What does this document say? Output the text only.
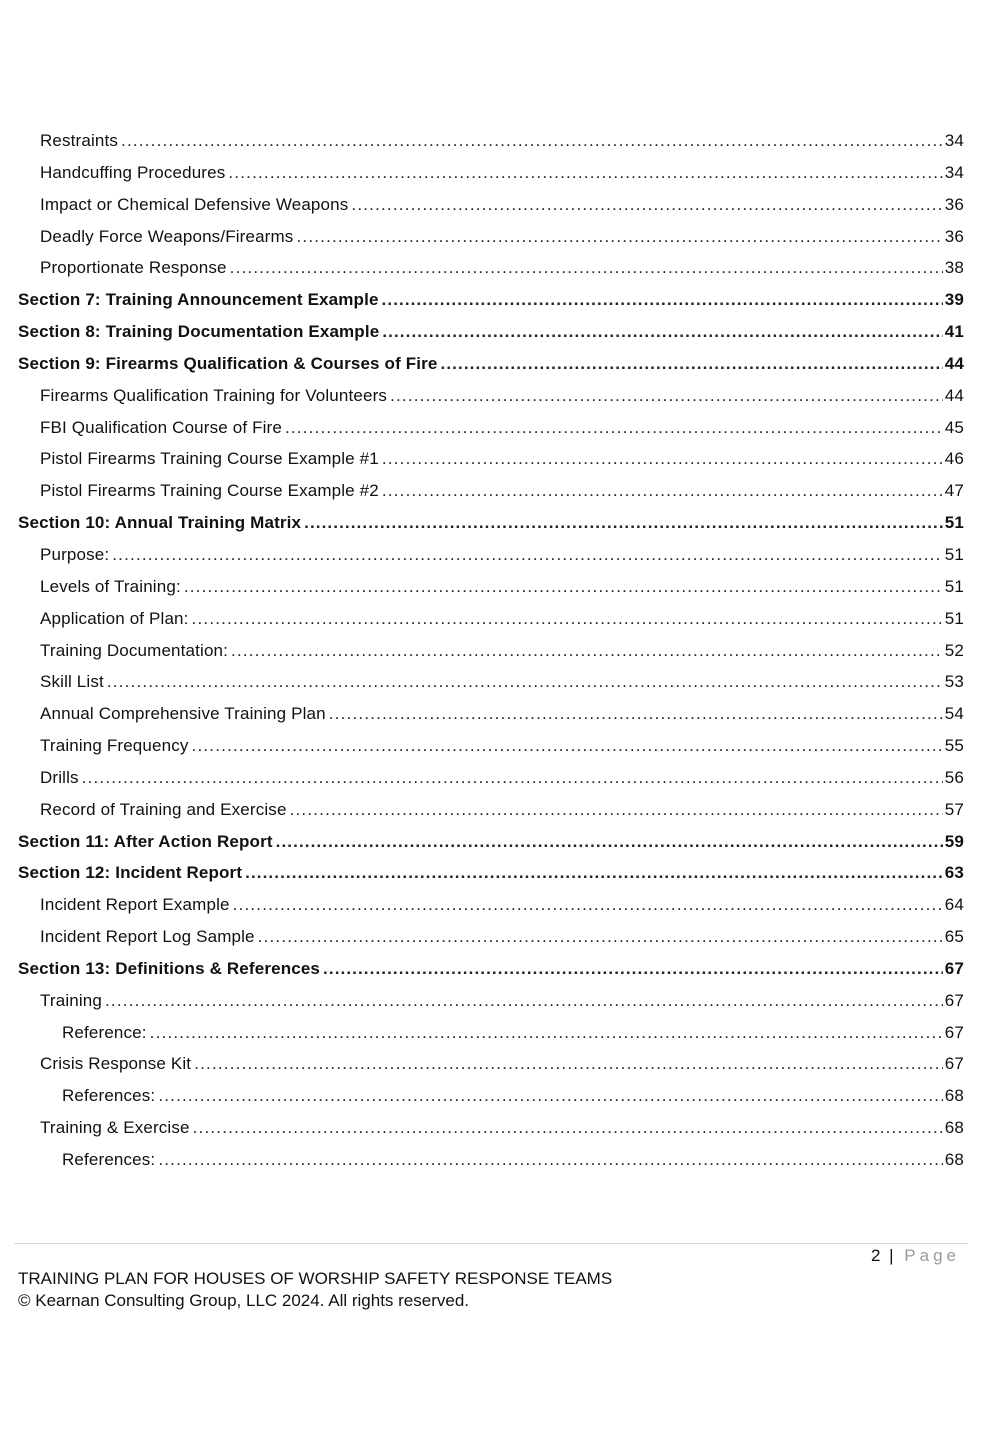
Restraints .....	34
Handcuffing Procedures .....	34
Impact or Chemical Defensive Weapons .....	36
Deadly Force Weapons/Firearms .....	36
Proportionate Response .....	38
Section 7: Training Announcement Example .....	39
Section 8: Training Documentation Example .....	41
Section 9: Firearms Qualification & Courses of Fire .....	44
Firearms Qualification Training for Volunteers .....	44
FBI Qualification Course of Fire .....	45
Pistol Firearms Training Course Example #1 .....	46
Pistol Firearms Training Course Example #2 .....	47
Section 10: Annual Training Matrix .....	51
Purpose: .....	51
Levels of Training: .....	51
Application of Plan: .....	51
Training Documentation: .....	52
Skill List .....	53
Annual Comprehensive Training Plan .....	54
Training Frequency .....	55
Drills .....	56
Record of Training and Exercise .....	57
Section 11: After Action Report .....	59
Section 12: Incident Report .....	63
Incident Report Example .....	64
Incident Report Log Sample .....	65
Section 13: Definitions & References .....	67
Training .....	67
Reference: .....	67
Crisis Response Kit .....	67
References: .....	68
Training & Exercise .....	68
References: .....	68
2 | Page
TRAINING PLAN FOR HOUSES OF WORSHIP SAFETY RESPONSE TEAMS
© Kearnan Consulting Group, LLC 2024. All rights reserved.
